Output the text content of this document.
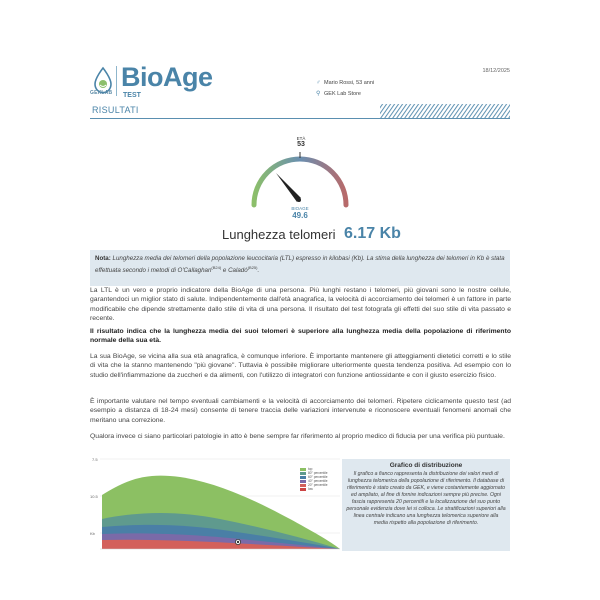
GEKLAB
BioAge
TEST
18/12/2025
♂ Mario Rossi, 53 anni
⚲ GEK Lab Store
RISULTATI
ETÀ
53
BIOAGE
49.6
Lunghezza telomeri 6.17 Kb
Nota: Lunghezza media dei telomeri della popolazione leucocitaria (LTL) espresso in kilobasi (Kb). La stima della lunghezza dei telomeri in Kb è stata effettuata secondo i metodi di O'Callaghan$^{(B24)}$ e Caladó$^{(B25)}$.

La LTL è un vero e proprio indicatore della BioAge di una persona. Più lunghi restano i telomeri, più giovani sono le nostre cellule, garantendoci un miglior stato di salute. Indipendentemente dall'età anagrafica, la velocità di accorciamento dei telomeri è un fattore in parte modificabile che dipende strettamente dallo stile di vita di una persona. Il risultato del test fotografa gli effetti del suo stile di vita passato e recente.

Il risultato indica che la lunghezza media dei suoi telomeri è superiore alla lunghezza media della popolazione di riferimento normale della sua età.

La sua BioAge, se vicina alla sua età anagrafica, è comunque inferiore. È importante mantenere gli atteggiamenti dietetici corretti e lo stile di vita che la stanno mantenendo "più giovane". Tuttavia è possibile migliorare ulteriormente questa tendenza positiva. Ad esempio con lo studio dell'infiammazione da zuccheri e da alimenti, con l'utilizzo di integratori con funzione antiossidante e con il giusto esercizio fisico.

È importante valutare nel tempo eventuali cambiamenti e la velocità di accorciamento dei telomeri. Ripetere ciclicamente questo test (ad esempio a distanza di 18-24 mesi) consente di tenere traccia delle variazioni intervenute e riconoscere eventuali fenomeni anomali che meritano una correzione.

Qualora invece ci siano particolari patologie in atto è bene sempre far riferimento al proprio medico di fiducia per una verifica più puntuale.

7.5
10.5
Kb
top
80° percentile
60° percentile
40° percentile
20° percentile
low
Grafico di distribuzione
Il grafico a fianco rappresenta la distribuzione dei valori medi di lunghezza telomerica della popolazione di riferimento. Il database di riferimento è stato creato da GEK, e viene costantemente aggiornato ed ampliato, al fine di fornire indicazioni sempre più precise. Ogni fascia rappresenta 20 percentili e la localizzazione del suo punto personale evidenzia dove lei si colloca. Le stratificazioni superiori alla linea centrale indicano una lunghezza telomerica superiore alla media rispetto alla popolazione di riferimento.
